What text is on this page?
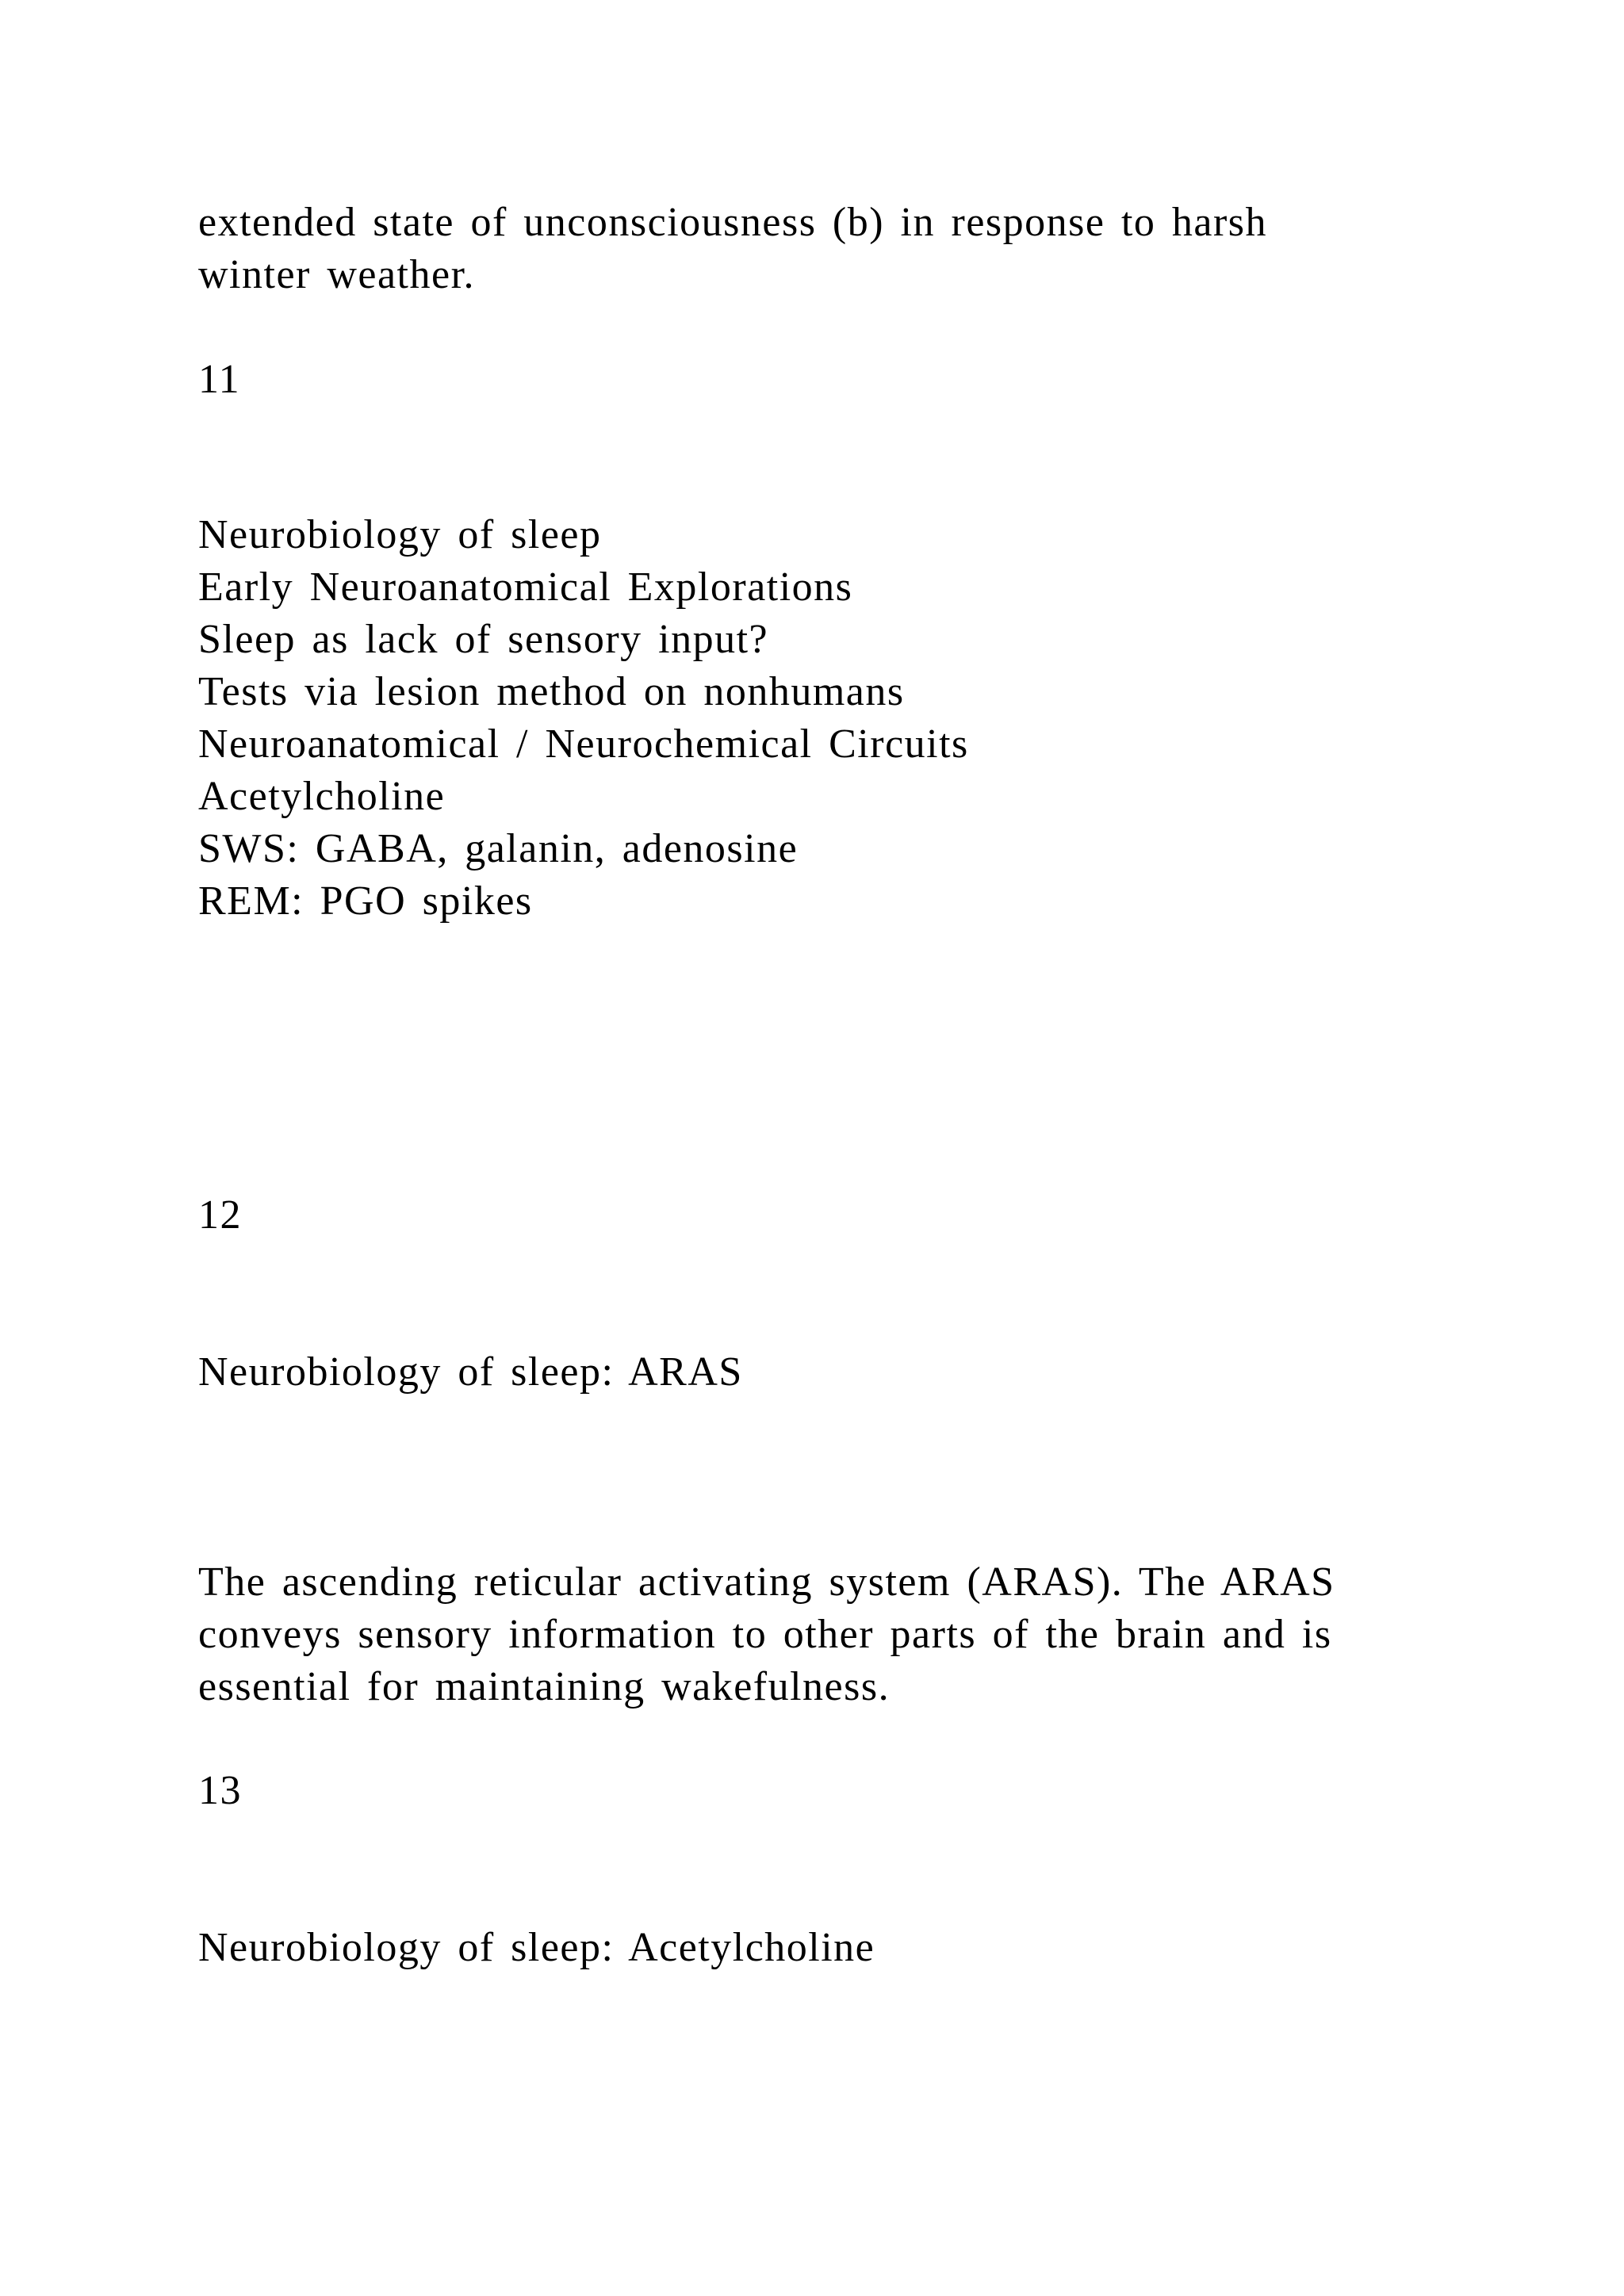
extended state of unconsciousness (b) in response to harsh
winter weather.
11
Neurobiology of sleep
Early Neuroanatomical Explorations
Sleep as lack of sensory input?
Tests via lesion method on nonhumans
Neuroanatomical / Neurochemical Circuits
Acetylcholine
SWS: GABA, galanin, adenosine
REM: PGO spikes
12
Neurobiology of sleep: ARAS
The ascending reticular activating system (ARAS). The ARAS
conveys sensory information to other parts of the brain and is
essential for maintaining wakefulness.
13
Neurobiology of sleep: Acetylcholine
